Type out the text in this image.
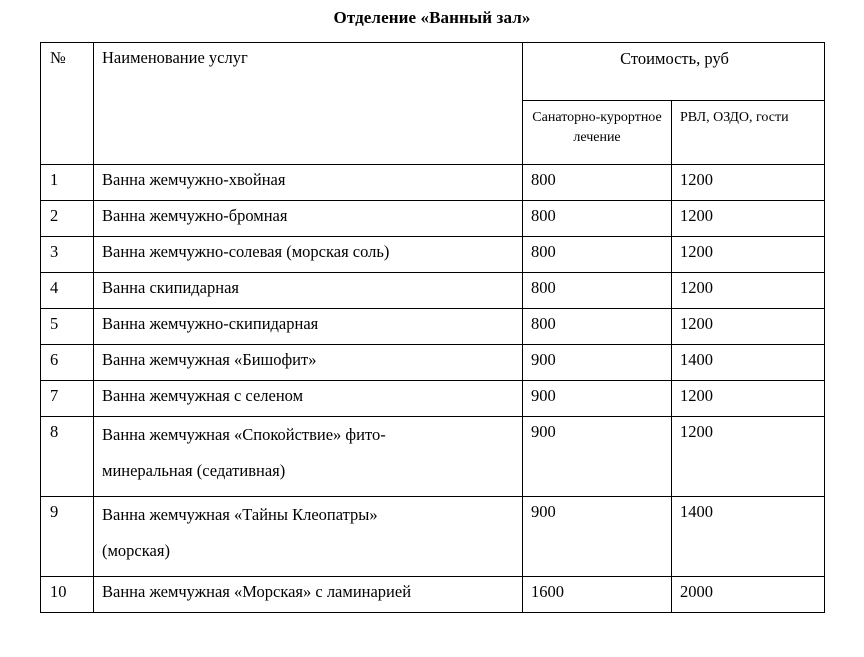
Отделение «Ванный зал»
№	Наименование услуг	Стоимость, руб	

		Санаторно-курортное лечение	РВЛ, ОЗДО, гости

1	Ванна жемчужно-хвойная	800	1200

2	Ванна жемчужно-бромная	800	1200

3	Ванна жемчужно-солевая (морская соль)	800	1200

4	Ванна скипидарная	800	1200

5	Ванна жемчужно-скипидарная	800	1200

6	Ванна жемчужная «Бишофит»	900	1400

7	Ванна жемчужная с селеном	900	1200

8	Ванна жемчужная «Спокойствие» фито-
минеральная (седативная)	900	1200

9	Ванна жемчужная «Тайны Клеопатры»
(морская)	900	1400

10	Ванна жемчужная «Морская» с ламинарией	1600	2000
